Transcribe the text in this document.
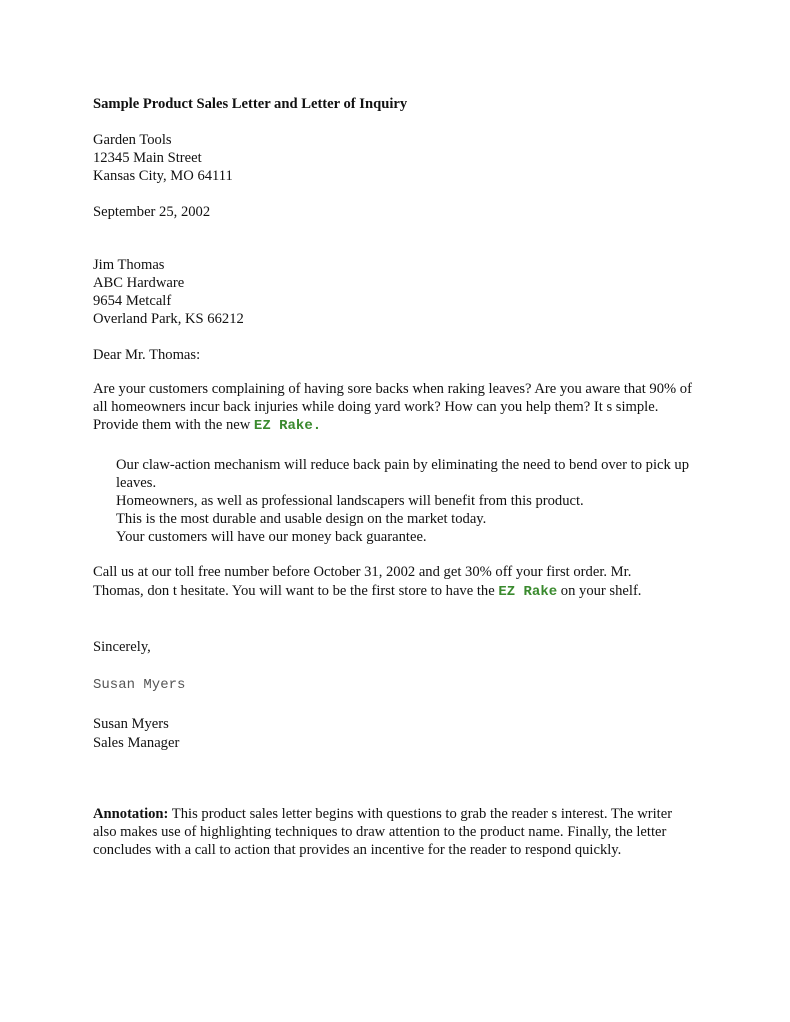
Sample Product Sales Letter and Letter of Inquiry
Garden Tools
12345 Main Street
Kansas City, MO 64111
September 25, 2002
Jim Thomas
ABC Hardware
9654 Metcalf
Overland Park, KS 66212
Dear Mr. Thomas:
Are your customers complaining of having sore backs when raking leaves? Are you aware that 90% of all homeowners incur back injuries while doing yard work? How can you help them? It s simple. Provide them with the new EZ Rake.
Our claw-action mechanism will reduce back pain by eliminating the need to bend over to pick up leaves.
Homeowners, as well as professional landscapers will benefit from this product.
This is the most durable and usable design on the market today.
Your customers will have our money back guarantee.
Call us at our toll free number before October 31, 2002 and get 30% off your first order. Mr. Thomas, don t hesitate. You will want to be the first store to have the EZ Rake on your shelf.
Sincerely,
Susan Myers
Susan Myers
Sales Manager
Annotation: This product sales letter begins with questions to grab the reader s interest. The writer also makes use of highlighting techniques to draw attention to the product name. Finally, the letter concludes with a call to action that provides an incentive for the reader to respond quickly.
